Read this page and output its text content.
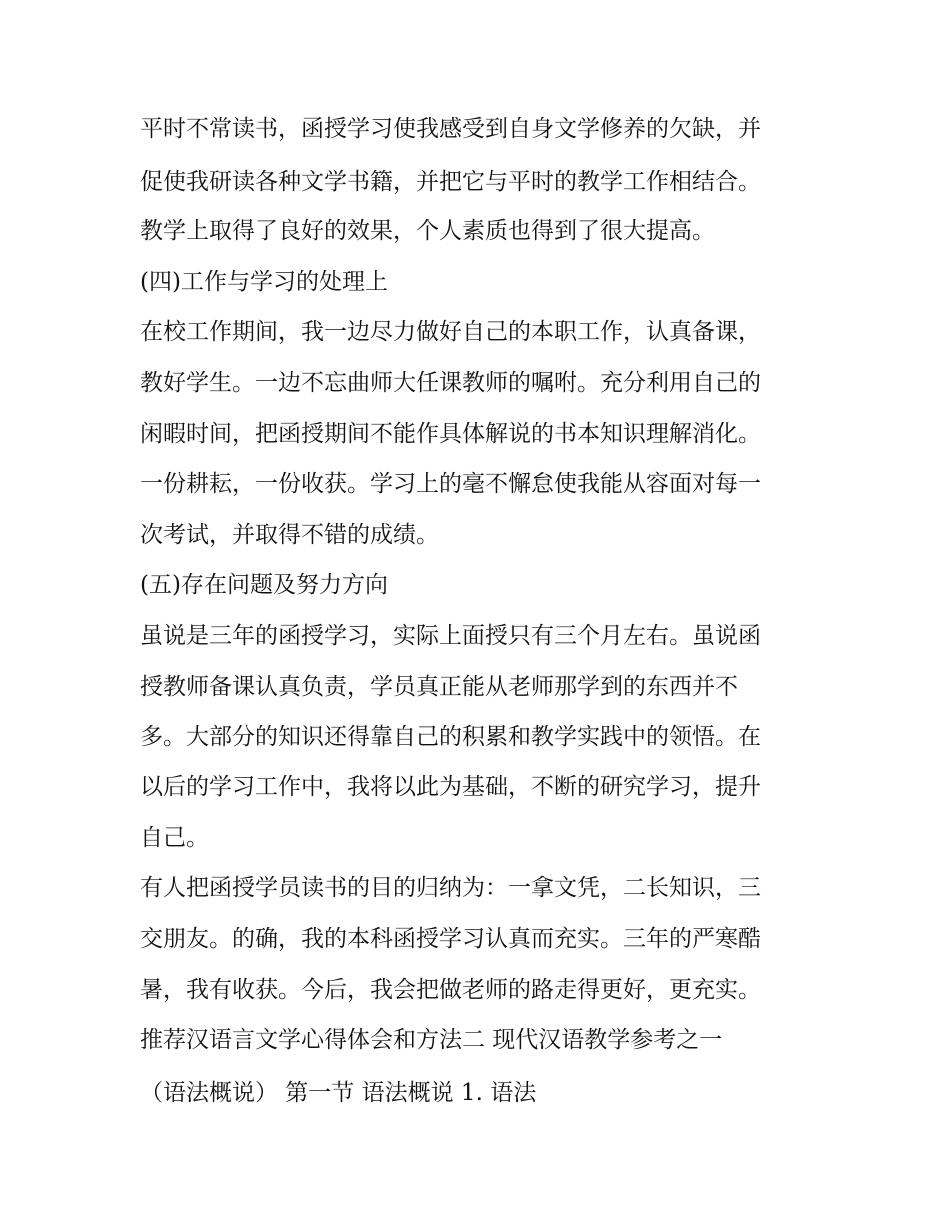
平时不常读书，函授学习使我感受到自身文学修养的欠缺，并
促使我研读各种文学书籍，并把它与平时的教学工作相结合。
教学上取得了良好的效果，个人素质也得到了很大提高。
(四)工作与学习的处理上
在校工作期间，我一边尽力做好自己的本职工作，认真备课，
教好学生。一边不忘曲师大任课教师的嘱咐。充分利用自己的
闲暇时间，把函授期间不能作具体解说的书本知识理解消化。
一份耕耘，一份收获。学习上的毫不懈怠使我能从容面对每一
次考试，并取得不错的成绩。
(五)存在问题及努力方向
虽说是三年的函授学习，实际上面授只有三个月左右。虽说函
授教师备课认真负责，学员真正能从老师那学到的东西并不
多。大部分的知识还得靠自己的积累和教学实践中的领悟。在
以后的学习工作中，我将以此为基础，不断的研究学习，提升
自己。
有人把函授学员读书的目的归纳为：一拿文凭，二长知识，三
交朋友。的确，我的本科函授学习认真而充实。三年的严寒酷
暑，我有收获。今后，我会把做老师的路走得更好，更充实。
推荐汉语言文学心得体会和方法二 现代汉语教学参考之一
（语法概说） 第一节 语法概说 1. 语法
